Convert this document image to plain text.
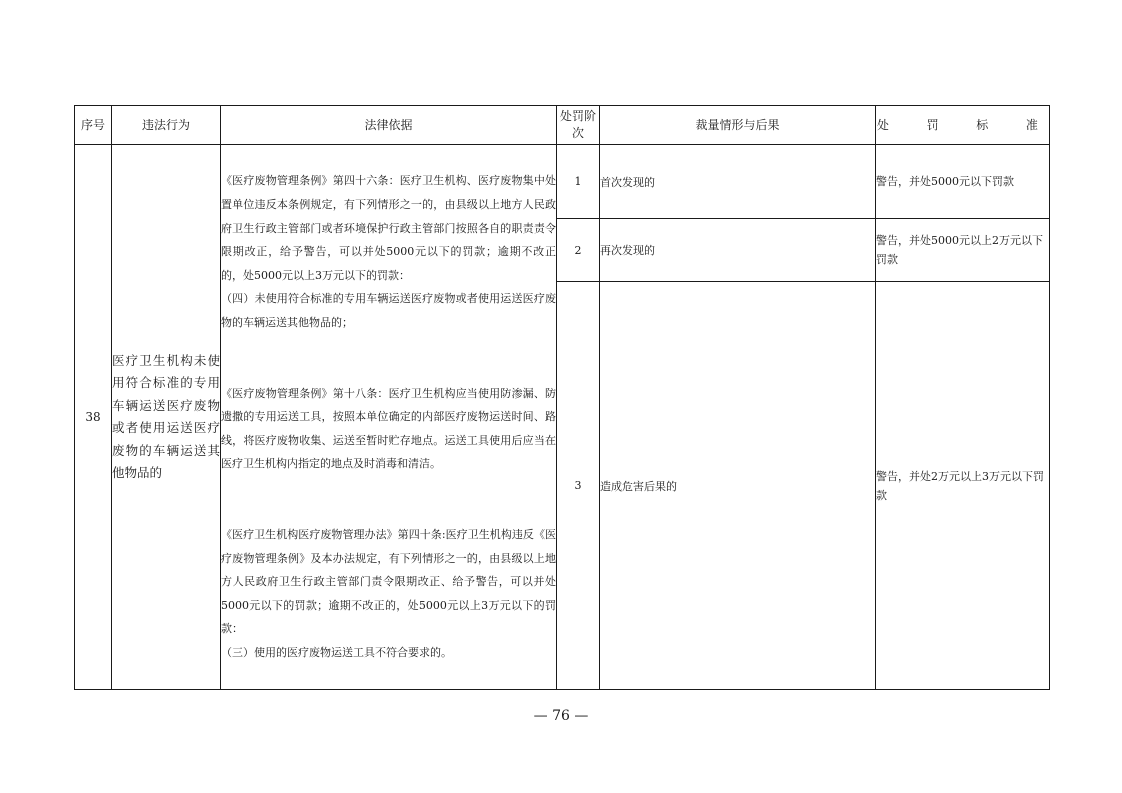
序号	违法行为	法律依据	处罚阶次	裁量情形与后果	处  罚  标  准
38	医疗卫生机构未使用符合标准的专用车辆运送医疗废物或者使用运送医疗废物的车辆运送其他物品的	《医疗废物管理条例》第四十六条：医疗卫生机构、医疗废物集中处置单位违反本条例规定，有下列情形之一的，由县级以上地方人民政府卫生行政主管部门或者环境保护行政主管部门按照各自的职责责令限期改正，给予警告，可以并处5000元以下的罚款；逾期不改正的，处5000元以上3万元以下的罚款：

（四）未使用符合标准的专用车辆运送医疗废物或者使用运送医疗废物的车辆运送其他物品的；

《医疗废物管理条例》第十八条：医疗卫生机构应当使用防渗漏、防遗撒的专用运送工具，按照本单位确定的内部医疗废物运送时间、路线，将医疗废物收集、运送至暂时贮存地点。运送工具使用后应当在医疗卫生机构内指定的地点及时消毒和清洁。

《医疗卫生机构医疗废物管理办法》第四十条:医疗卫生机构违反《医疗废物管理条例》及本办法规定，有下列情形之一的，由县级以上地方人民政府卫生行政主管部门责令限期改正、给予警告，可以并处5000元以下的罚款；逾期不改正的，处5000元以上3万元以下的罚款：

（三）使用的医疗废物运送工具不符合要求的。	1	首次发现的	警告，并处5000元以下罚款
			2	再次发现的	警告，并处5000元以上2万元以下罚款
			3	造成危害后果的	警告，并处2万元以上3万元以下罚款
— 76 —
